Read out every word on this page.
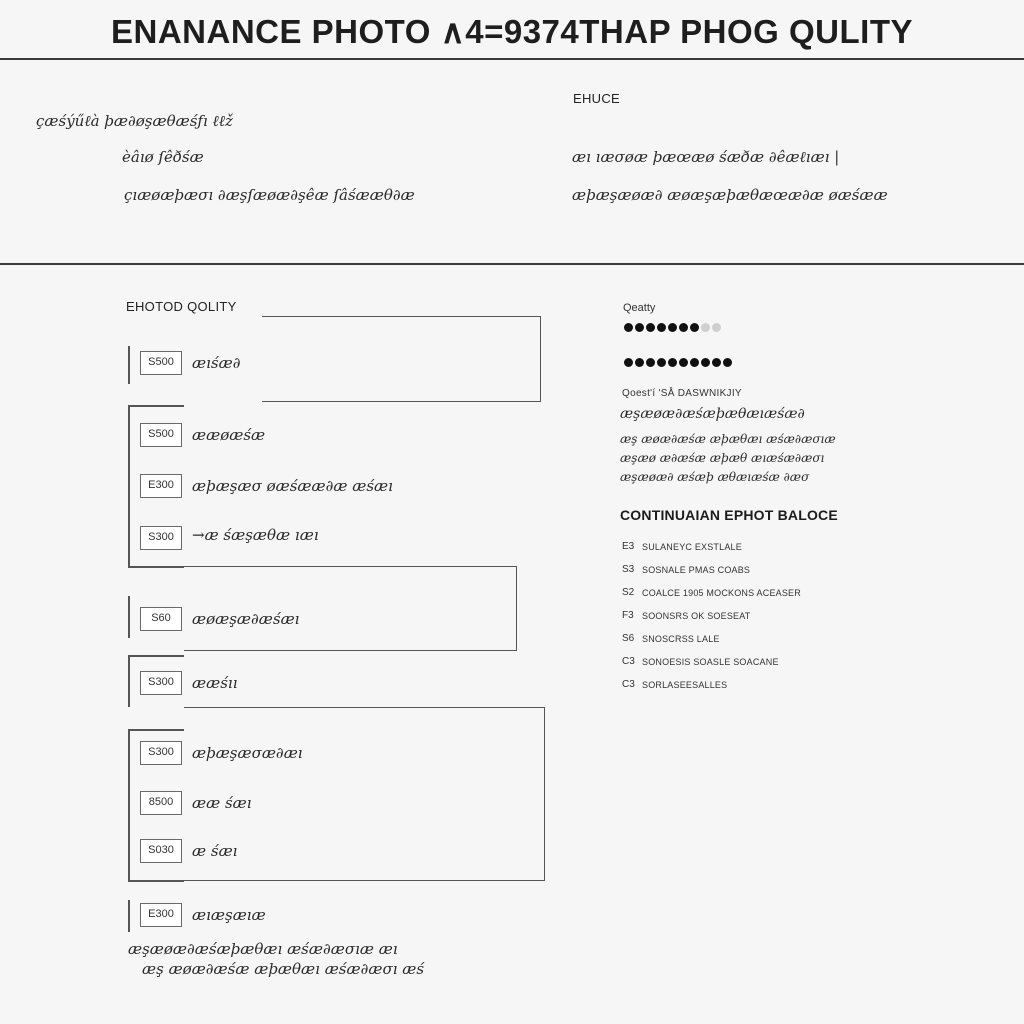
ENANANCE PHOTO ∧4=9374THAP PHOG QULITY
çæśýűℓà þæ∂øşæθæśƒı ℓℓž
èâıø ſêðśæ
çıæøæþæσı ∂æşſæøæ∂şêæ ſâśææθ∂æ
EHUCE
æı ıæσøæ þæœæø śæðæ ∂êæℓıæı |
æþæşæøæ∂ æøæşæþæθæœæ∂æ øæśææ
EHOTOD QOLITY
S500	æıśæ∂
S500	ææøæśæ
E300	æþæşæσ øæśææ∂æ æśæı
S300	→æ śæşæθæ ıæı
S60	æøæşæ∂æśæı
S300	ææśıı
S300	æþæşæσæ∂æı
8500	ææ śæı
S030	æ śæı
E300	æıæşæıæ
æşæøæ∂æśæþæθæı æśæ∂æσıæ æı
æş æøæ∂æśæ æþæθæı æśæ∂æσı æś
Qeatty
Qoest'í 'SÅ DASWNIKJIY
æşæøæ∂æśæþæθæıæśæ∂
æş æøæ∂æśæ æþæθæı æśæ∂æσıæ
æşæø æ∂æśæ æþæθ æıæśæ∂æσı
æşæøæ∂ æśæþ æθæıæśæ ∂æσ
CONTINUAIAN EPHOT BALOCE
E3 SULANEYC EXSTLALE
S3 SOSNALE PMAS COABS
S2 COALCE 1905 MOCKONS ACEASER
F3 SOONSRS OK SOESEAT
S6 SNOSCRSS LALE
C3 SONOESIS SOASLE SOACANE
C3 SORLASEESALLES
